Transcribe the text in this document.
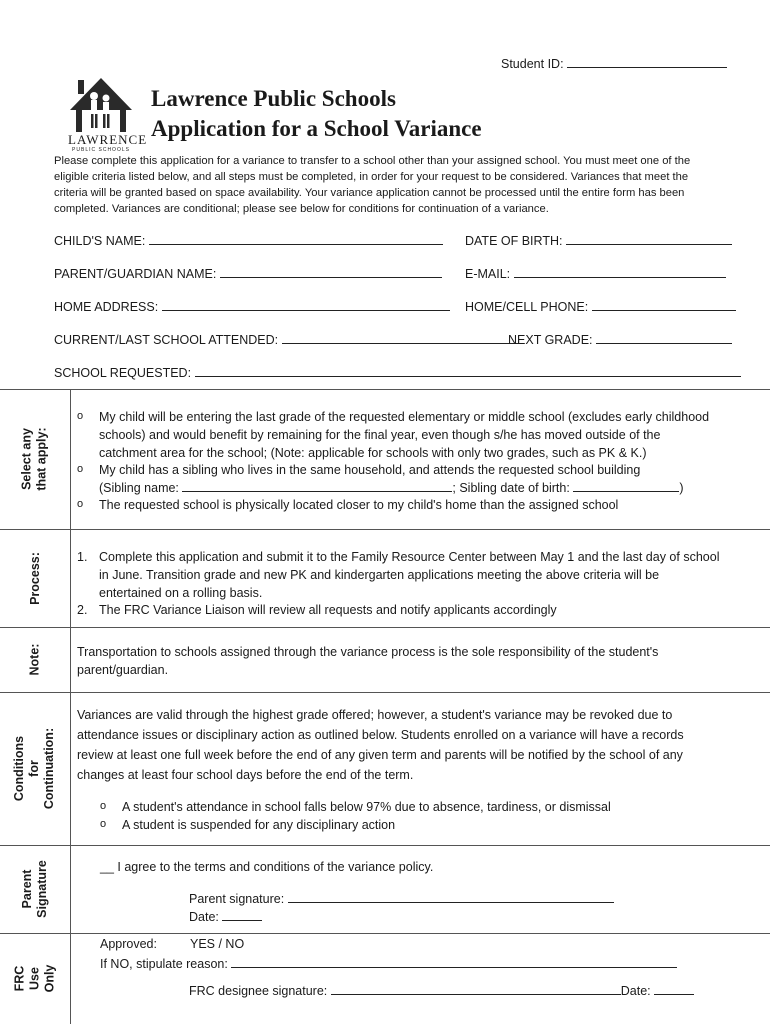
Student ID:
LAWRENCE
PUBLIC SCHOOLS
Lawrence Public Schools
Application for a School Variance
Please complete this application for a variance to transfer to a school other than your assigned school. You must meet one of the
eligible criteria listed below, and all steps must be completed, in order for your request to be considered. Variances that meet the
criteria will be granted based on space availability. Your variance application cannot be processed until the entire form has been
completed. Variances are conditional; please see below for conditions for continuation of a variance.
CHILD'S NAME:	DATE OF BIRTH:
PARENT/GUARDIAN NAME:	E-MAIL:
HOME ADDRESS:	HOME/CELL PHONE:
CURRENT/LAST SCHOOL ATTENDED:	NEXT GRADE:
SCHOOL REQUESTED:
Select any
that apply:
o My child will be entering the last grade of the requested elementary or middle school (excludes early childhood
schools) and would benefit by remaining for the final year, even though s/he has moved outside of the
catchment area for the school; (Note: applicable for schools with only two grades, such as PK & K.)
o My child has a sibling who lives in the same household, and attends the requested school building
(Sibling name:	; Sibling date of birth:	)
o The requested school is physically located closer to my child's home than the assigned school
Process:	1. Complete this application and submit it to the Family Resource Center between May 1 and the last day of school
in June. Transition grade and new PK and kindergarten applications meeting the above criteria will be
entertained on a rolling basis.
2. The FRC Variance Liaison will review all requests and notify applicants accordingly
Note:	Transportation to schools assigned through the variance process is the sole responsibility of the student's
parent/guardian.
Conditions for
Continuation:
Variances are valid through the highest grade offered; however, a student's variance may be revoked due to
attendance issues or disciplinary action as outlined below. Students enrolled on a variance will have a records
review at least one full week before the end of any given term and parents will be notified by the school of any
changes at least four school days before the end of the term.
o A student's attendance in school falls below 97% due to absence, tardiness, or dismissal
o A student is suspended for any disciplinary action
Parent
Signature	__ I agree to the terms and conditions of the variance policy.
Parent signature:
Date:
FRC
Use
Only
Approved:	YES / NO
If NO, stipulate reason:
FRC designee signature:	Date:
